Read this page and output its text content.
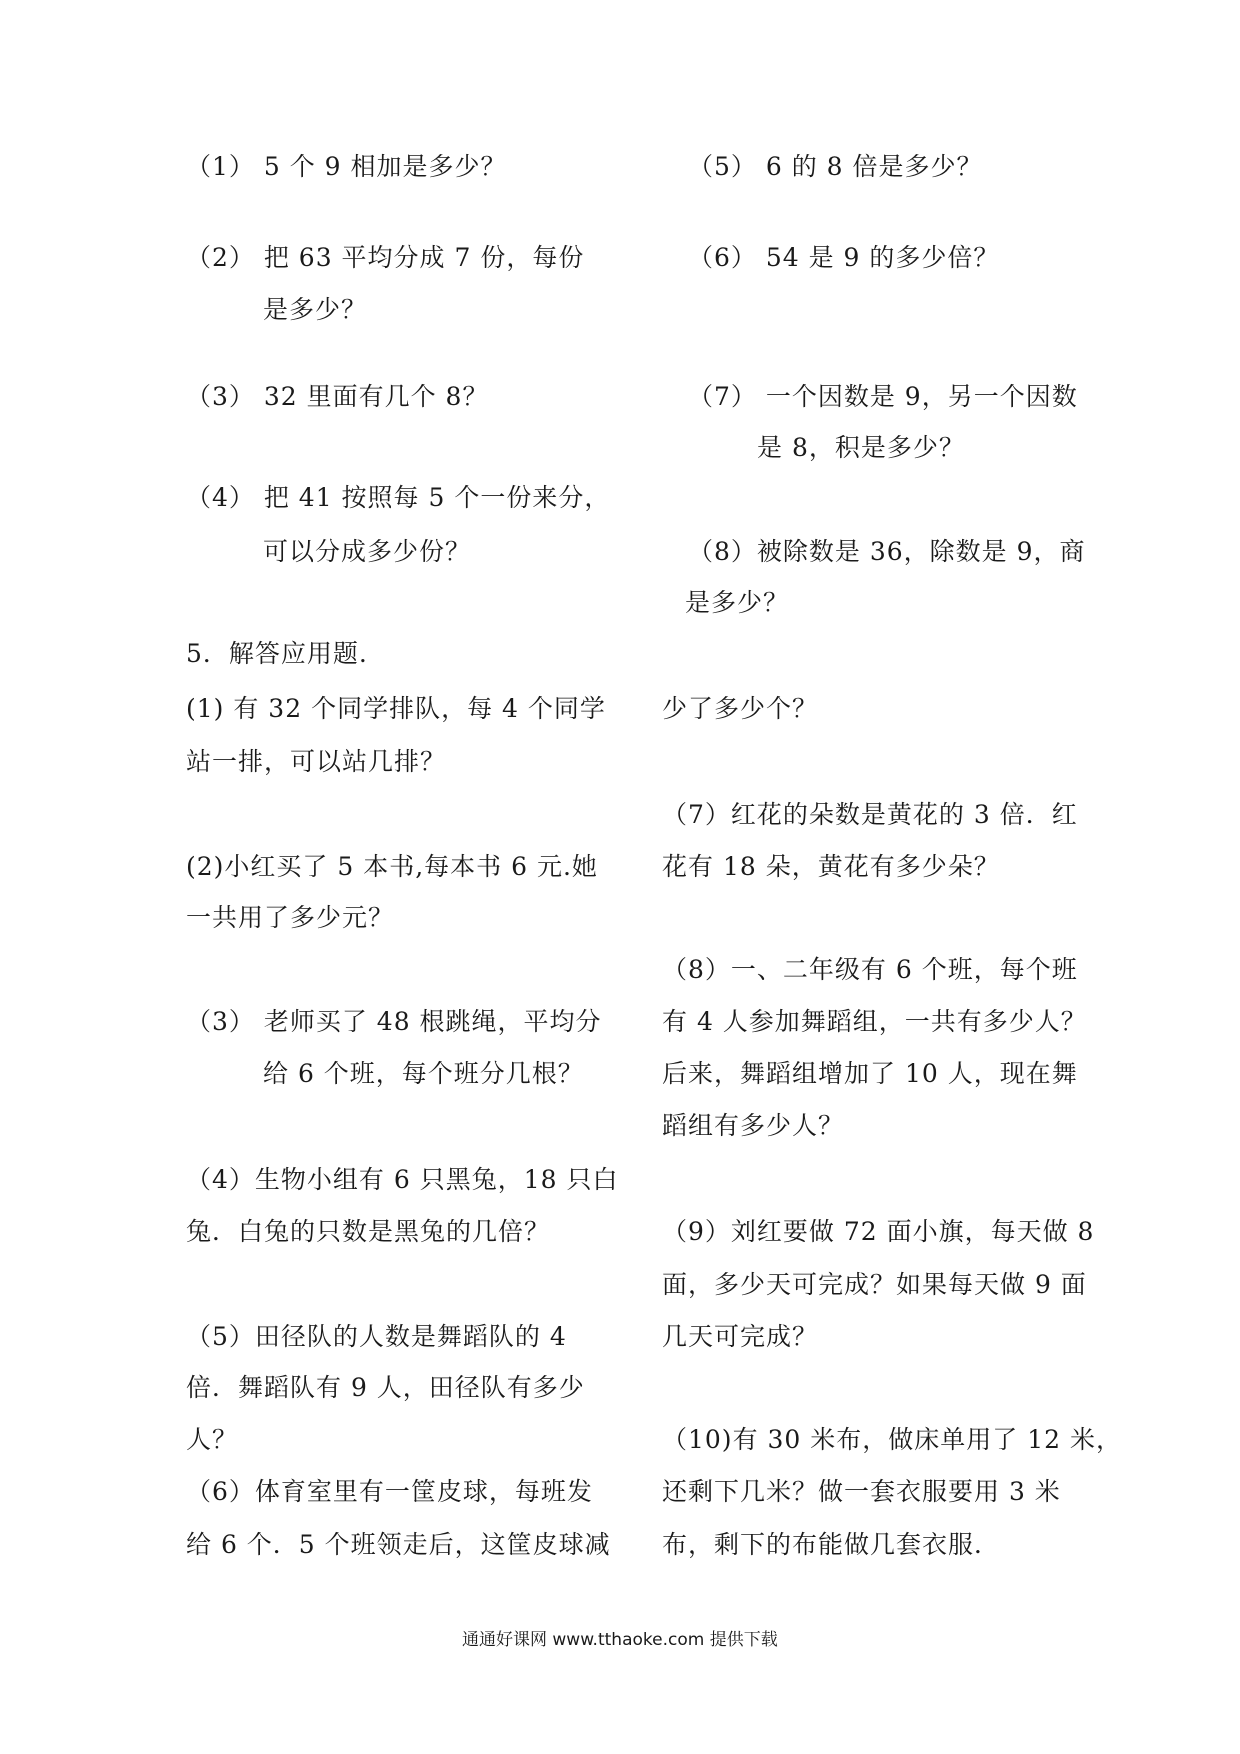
（1） 5 个 9 相加是多少？
（2） 把 63 平均分成 7 份，每份
是多少？
（3） 32 里面有几个 8？
（4） 把 41 按照每 5 个一份来分，
可以分成多少份？
（5） 6 的 8 倍是多少？
（6） 54 是 9 的多少倍？
（7） 一个因数是 9，另一个因数
是 8，积是多少？
（8）被除数是 36，除数是 9，商
是多少？
5．解答应用题.
(1) 有 32 个同学排队，每 4 个同学
站一排，可以站几排？
(2)小红买了 5 本书,每本书 6 元.她
一共用了多少元？
（3） 老师买了 48 根跳绳，平均分
给 6 个班，每个班分几根？
（4）生物小组有 6 只黑兔，18 只白
兔．白兔的只数是黑兔的几倍？
（5）田径队的人数是舞蹈队的 4
倍．舞蹈队有 9 人，田径队有多少
人？
（6）体育室里有一筐皮球，每班发
给 6 个．5 个班领走后，这筐皮球减
少了多少个？
（7）红花的朵数是黄花的 3 倍．红
花有 18 朵，黄花有多少朵？
（8）一、二年级有 6 个班，每个班
有 4 人参加舞蹈组，一共有多少人？
后来，舞蹈组增加了 10 人，现在舞
蹈组有多少人？
（9）刘红要做 72 面小旗，每天做 8
面，多少天可完成？如果每天做 9 面
几天可完成？
（10)有 30 米布，做床单用了 12 米，
还剩下几米？做一套衣服要用 3 米
布，剩下的布能做几套衣服．
通通好课网 www.tthaoke.com 提供下载
